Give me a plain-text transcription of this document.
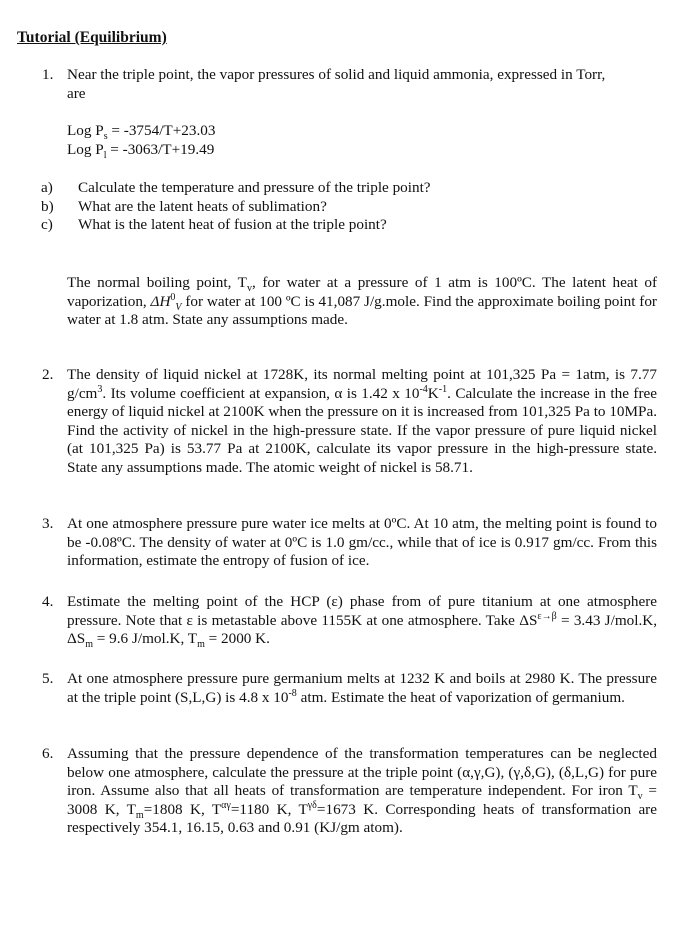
Tutorial (Equilibrium)
1. Near the triple point, the vapor pressures of solid and liquid ammonia, expressed in Torr,

are

Log $P_s = -3754/T+23.03$
Log $P_l = -3063/T+19.49$
a)	Calculate the temperature and pressure of the triple point?
b)	What are the latent heats of sublimation?
c)	What is the latent heat of fusion at the triple point?

The normal boiling point, $T_v$, for water at a pressure of 1 atm is 100ºC. The latent heat of vaporization, $\Delta H^0_V$ for water at 100 ºC is 41,087 J/g.mole. Find the approximate boiling point for water at 1.8 atm. State any assumptions made.

2. The density of liquid nickel at 1728K, its normal melting point at 101,325 Pa = 1atm, is 7.77 $g/cm^3$. Its volume coefficient at expansion, α is 1.42 x $10^{-4}K^{-1}$. Calculate the increase in the free energy of liquid nickel at 2100K when the pressure on it is increased from 101,325 Pa to 10MPa. Find the activity of nickel in the high-pressure state. If the vapor pressure of pure liquid nickel (at 101,325 Pa) is 53.77 Pa at 2100K, calculate its vapor pressure in the high-pressure state. State any assumptions made. The atomic weight of nickel is 58.71.

3. At one atmosphere pressure pure water ice melts at 0ºC. At 10 atm, the melting point is found to be -0.08ºC. The density of water at 0ºC is 1.0 gm/cc., while that of ice is 0.917 gm/cc. From this information, estimate the entropy of fusion of ice.

4. Estimate the melting point of the HCP (ε) phase from of pure titanium at one atmosphere pressure. Note that ε is metastable above 1155K at one atmosphere. Take $\Delta S^{\varepsilon\to\beta} = 3.43$ J/mol.K, $\Delta S_m = 9.6$ J/mol.K, $T_m = 2000$ K.

5. At one atmosphere pressure pure germanium melts at 1232 K and boils at 2980 K. The pressure at the triple point (S,L,G) is 4.8 x $10^{-8}$ atm. Estimate the heat of vaporization of germanium.

6. Assuming that the pressure dependence of the transformation temperatures can be neglected below one atmosphere, calculate the pressure at the triple point (α,γ,G), (γ,δ,G), (δ,L,G) for pure iron. Assume also that all heats of transformation are temperature independent. For iron $T_v = 3008$ K, $T_m=1808$ K, $T^{\alpha\gamma}=1180$ K, $T^{\gamma\delta}=1673$ K. Corresponding heats of transformation are respectively 354.1, 16.15, 0.63 and 0.91 (KJ/gm atom).
